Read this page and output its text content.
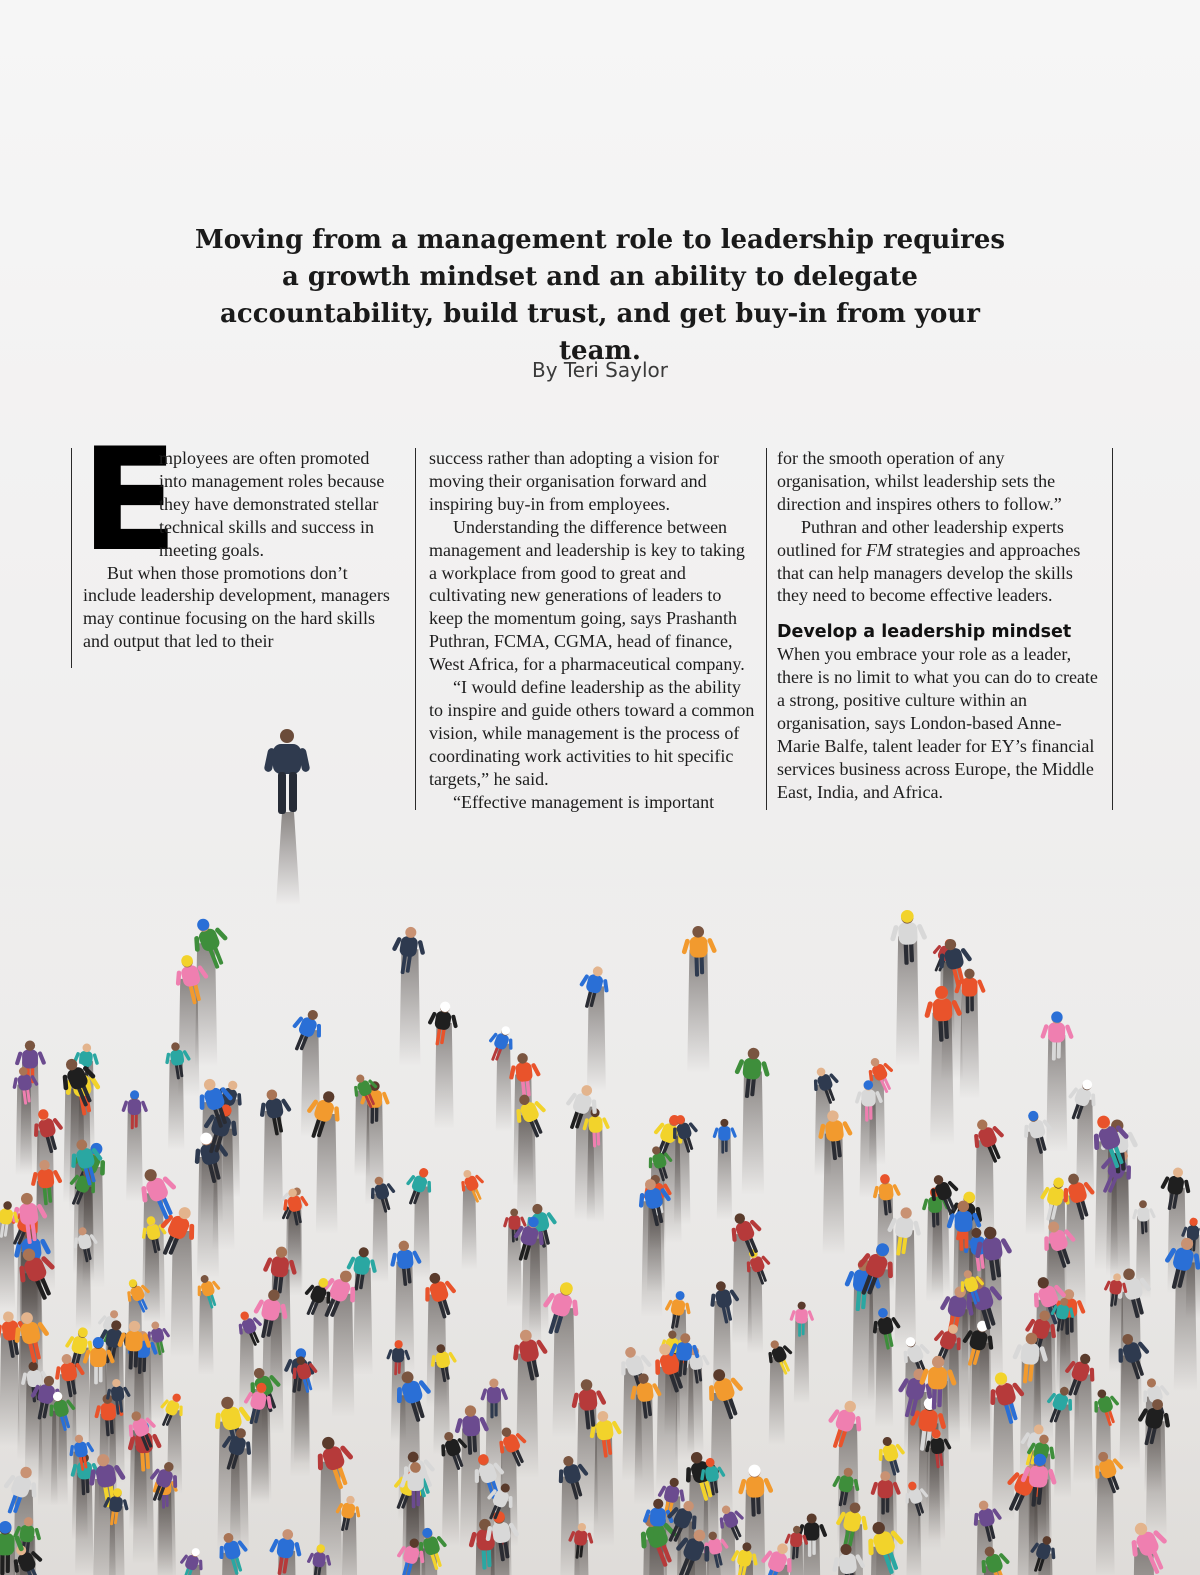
Moving from a management role to leadership requires a growth mindset and an ability to delegate accountability, build trust, and get buy-in from your team.
By Teri Saylor

E
mployees are often promoted into management roles because they have demonstrated stellar technical skills and success in meeting goals.

But when those promotions don’t include leadership development, managers may continue focusing on the hard skills and output that led to their

success rather than adopting a vision for moving their organisation forward and inspiring buy-in from employees.

Understanding the difference between management and leadership is key to taking a workplace from good to great and cultivating new generations of leaders to keep the momentum going, says Prashanth Puthran, FCMA, CGMA, head of finance, West Africa, for a pharmaceutical company.

“I would define leadership as the ability to inspire and guide others toward a common vision, while management is the process of coordinating work activities to hit specific targets,” he said.

“Effective management is important

for the smooth operation of any organisation, whilst leadership sets the direction and inspires others to follow.”

Puthran and other leadership experts outlined for FM strategies and approaches that can help managers develop the skills they need to become effective leaders.

Develop a leadership mindset

When you embrace your role as a leader, there is no limit to what you can do to create a strong, positive culture within an organisation, says London-based Anne-Marie Balfe, talent leader for EY’s financial services business across Europe, the Middle East, India, and Africa.
